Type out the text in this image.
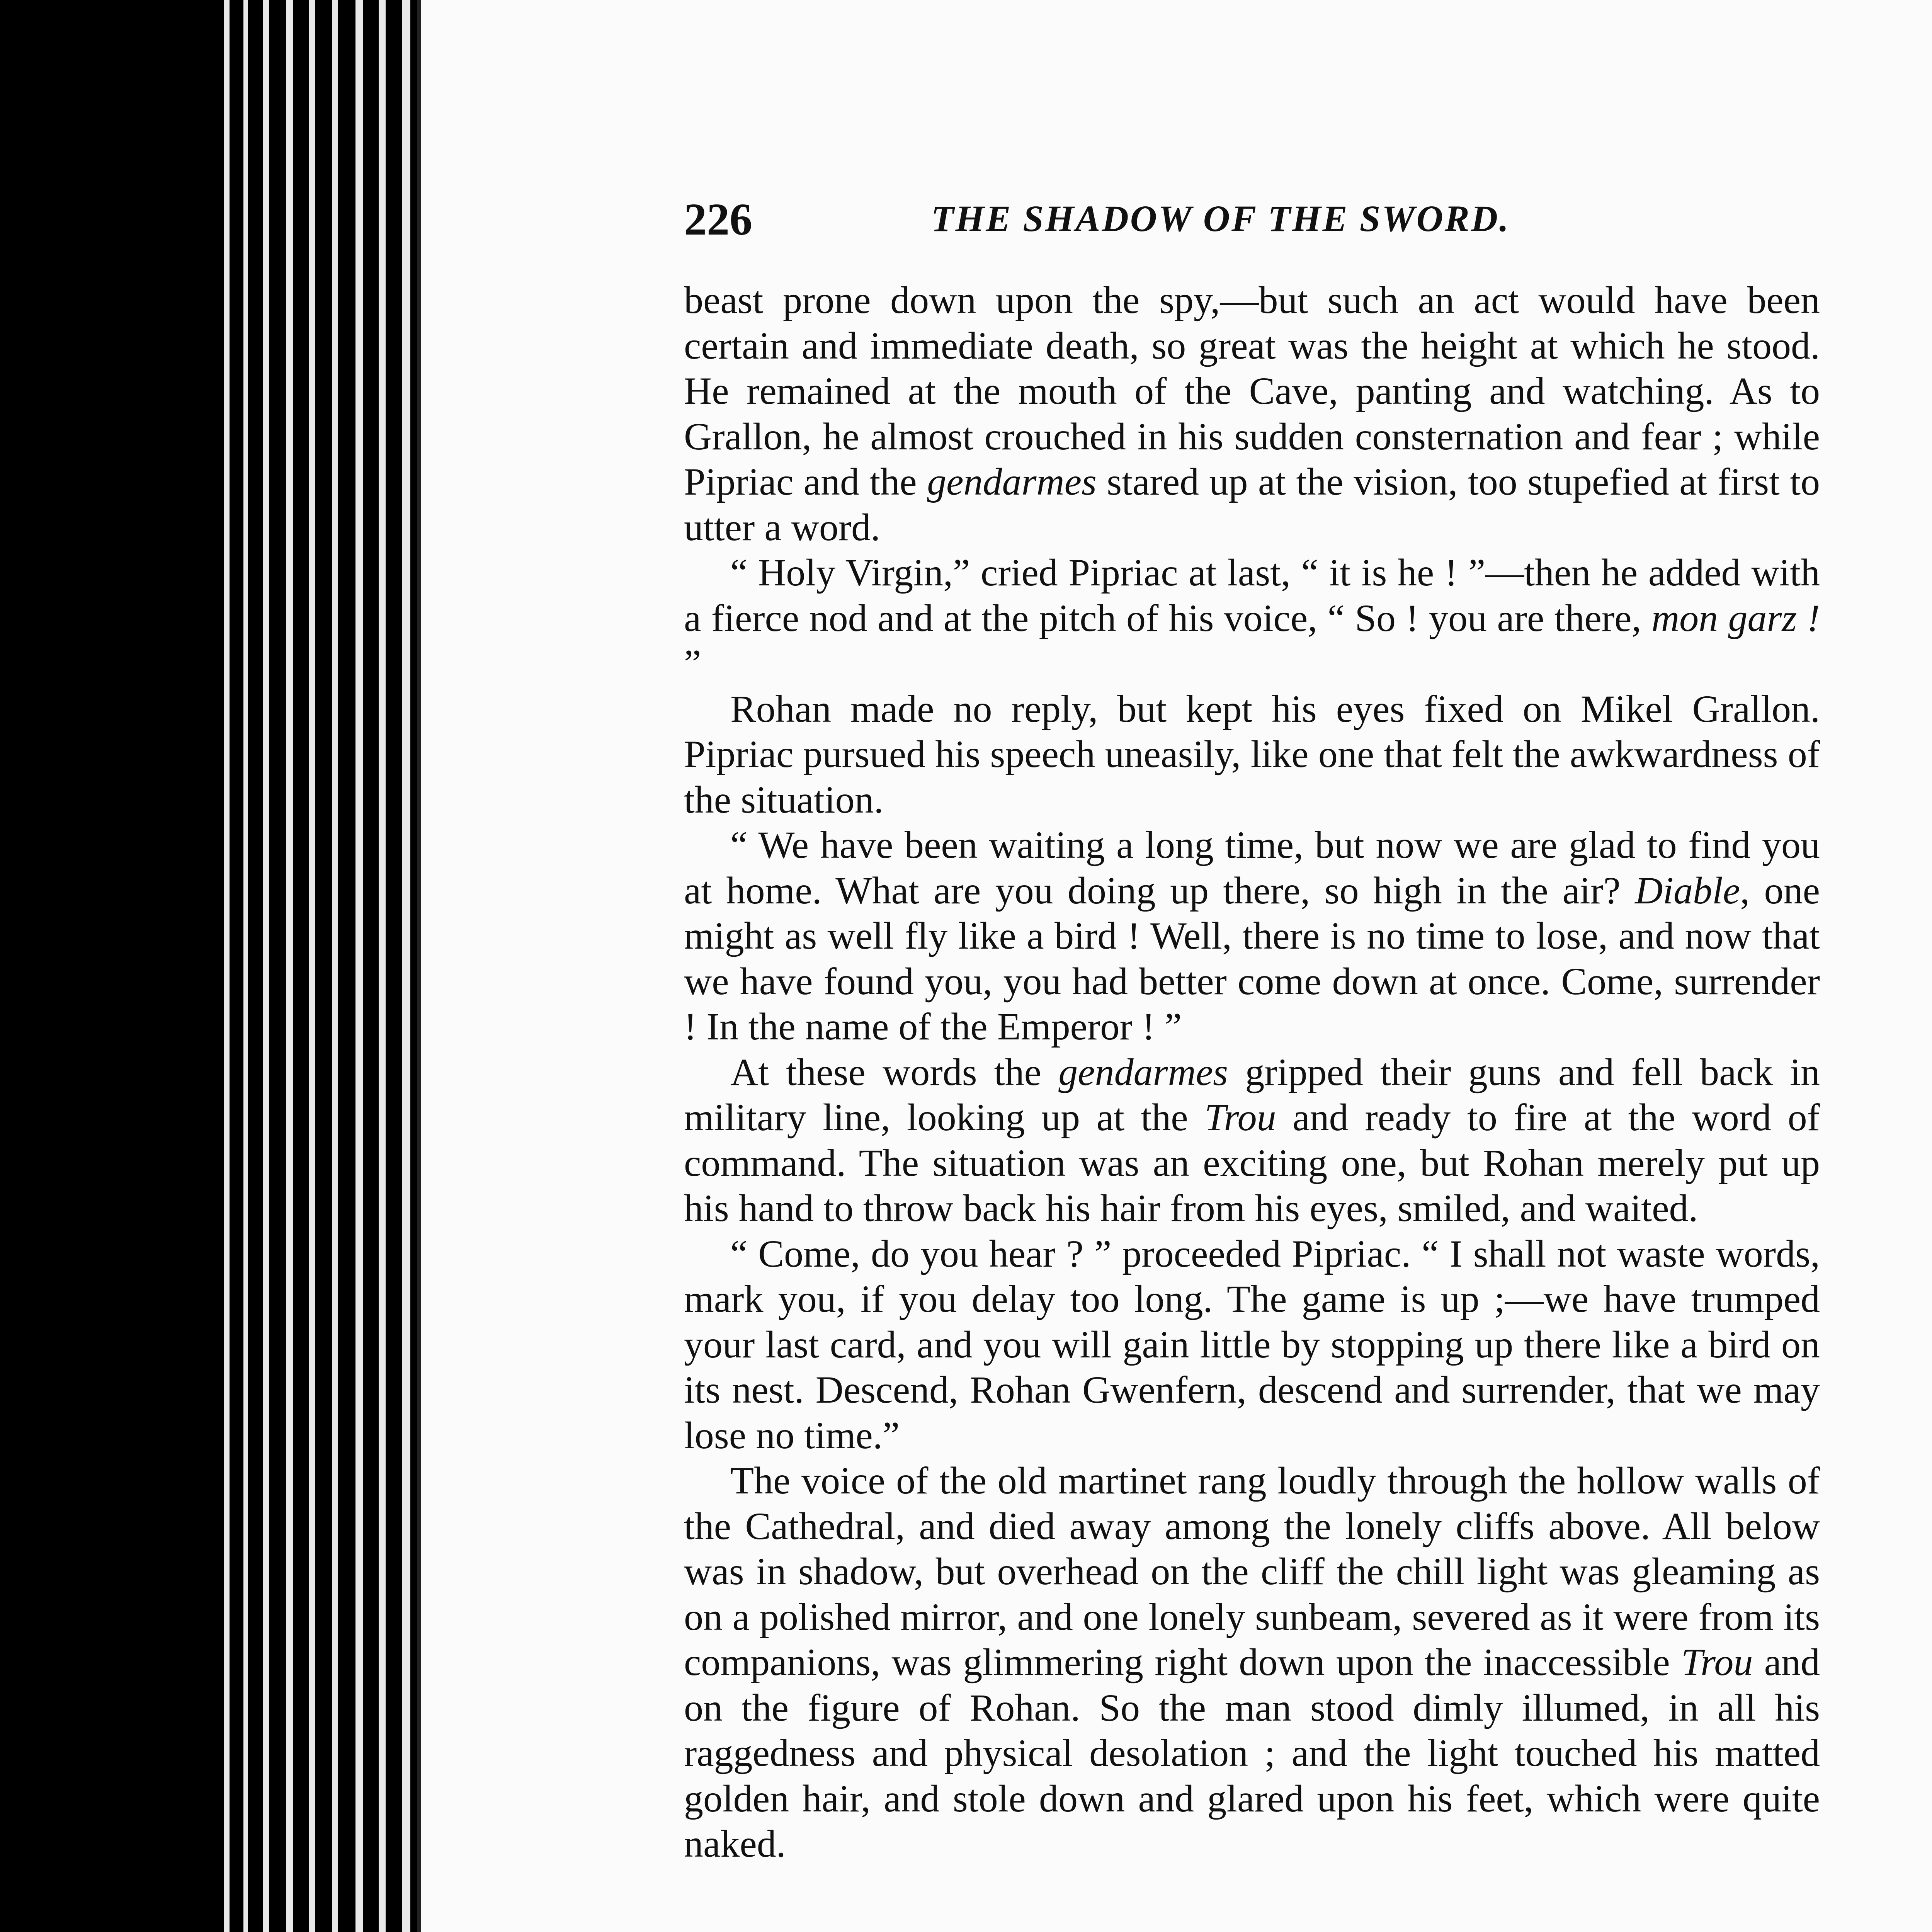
226	THE SHADOW OF THE SWORD.

beast prone down upon the spy,—but such an act would have been certain and immediate death, so great was the height at which he stood. He remained at the mouth of the Cave, panting and watching. As to Grallon, he almost crouched in his sudden consternation and fear ; while Pipriac and the gendarmes stared up at the vision, too stupefied at first to utter a word.

“ Holy Virgin,” cried Pipriac at last, “ it is he ! ”—then he added with a fierce nod and at the pitch of his voice, “ So ! you are there, mon garz ! ”

Rohan made no reply, but kept his eyes fixed on Mikel Grallon. Pipriac pursued his speech uneasily, like one that felt the awkwardness of the situation.

“ We have been waiting a long time, but now we are glad to find you at home. What are you doing up there, so high in the air? Diable, one might as well fly like a bird ! Well, there is no time to lose, and now that we have found you, you had better come down at once. Come, surrender ! In the name of the Emperor ! ”

At these words the gendarmes gripped their guns and fell back in military line, looking up at the Trou and ready to fire at the word of command. The situation was an exciting one, but Rohan merely put up his hand to throw back his hair from his eyes, smiled, and waited.

“ Come, do you hear ? ” proceeded Pipriac. “ I shall not waste words, mark you, if you delay too long. The game is up ;—we have trumped your last card, and you will gain little by stopping up there like a bird on its nest. Descend, Rohan Gwenfern, descend and surrender, that we may lose no time.”

The voice of the old martinet rang loudly through the hollow walls of the Cathedral, and died away among the lonely cliffs above. All below was in shadow, but overhead on the cliff the chill light was gleaming as on a polished mirror, and one lonely sunbeam, severed as it were from its companions, was glimmering right down upon the inaccessible Trou and on the figure of Rohan. So the man stood dimly illumed, in all his raggedness and physical desolation ; and the light touched his matted golden hair, and stole down and glared upon his feet, which were quite naked.
